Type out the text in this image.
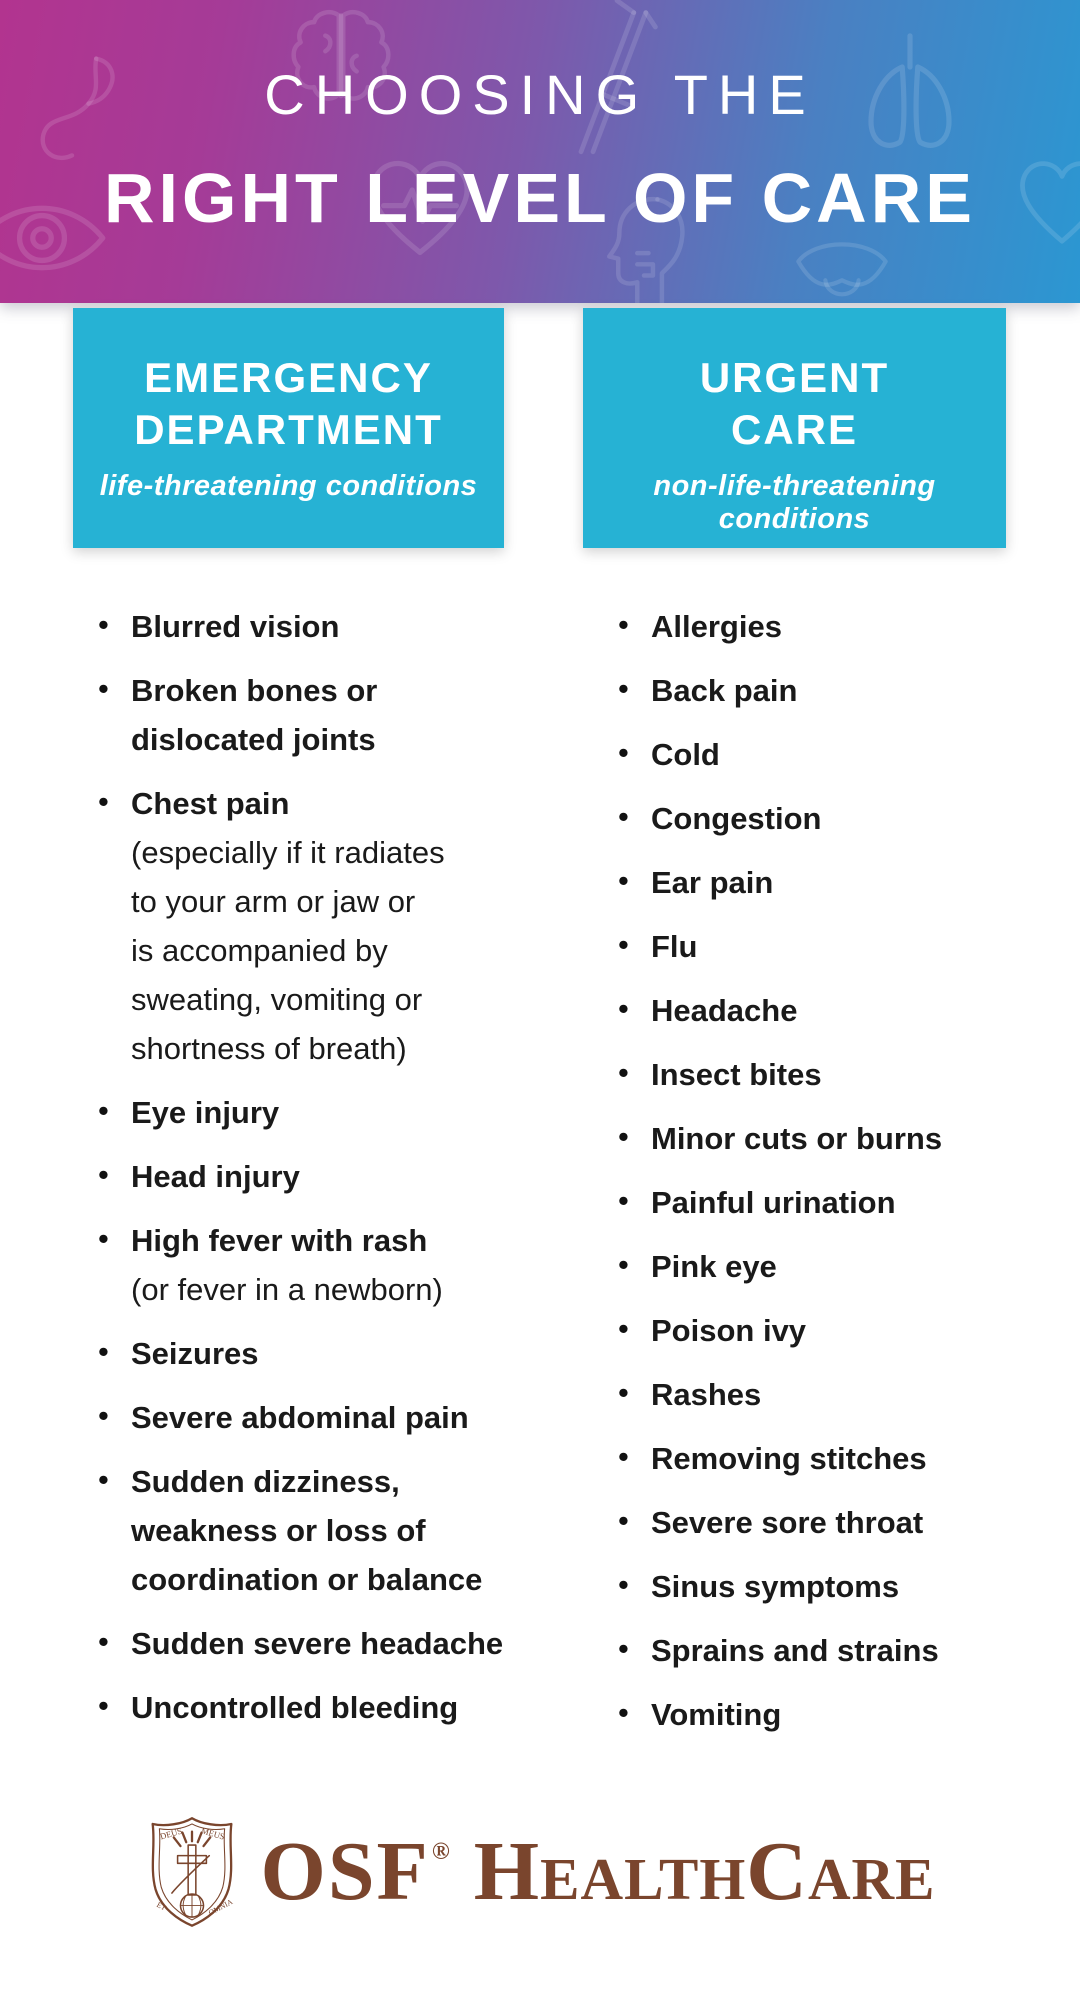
CHOOSING THE
RIGHT LEVEL OF CARE
EMERGENCY
DEPARTMENT
life-threatening conditions
URGENT
CARE
non-life-threatening conditions
• Blurred vision
• Broken bones or
dislocated joints
• Chest pain
(especially if it radiates
to your arm or jaw or
is accompanied by
sweating, vomiting or
shortness of breath)
• Eye injury
• Head injury
• High fever with rash
(or fever in a newborn)
• Seizures
• Severe abdominal pain
• Sudden dizziness,
weakness or loss of
coordination or balance
• Sudden severe headache
• Uncontrolled bleeding
• Allergies
• Back pain
• Cold
• Congestion
• Ear pain
• Flu
• Headache
• Insect bites
• Minor cuts or burns
• Painful urination
• Pink eye
• Poison ivy
• Rashes
• Removing stitches
• Severe sore throat
• Sinus symptoms
• Sprains and strains
• Vomiting
DEUS MEUS
ET	OMNIA OSF ® HealthCare
